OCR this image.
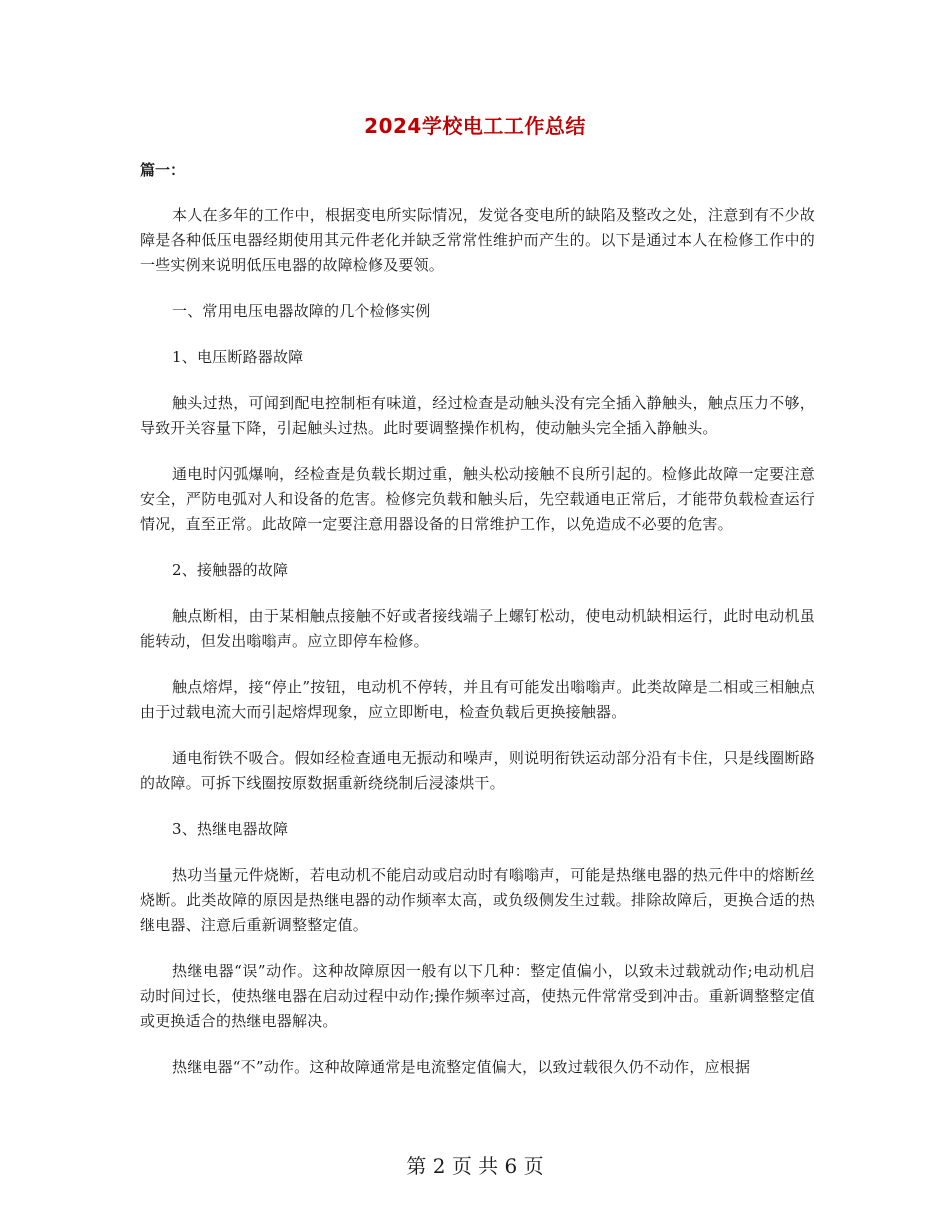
2024学校电工工作总结
篇一：

本人在多年的工作中，根据变电所实际情况，发觉各变电所的缺陷及整改之处，注意到有不少故障是各种低压电器经期使用其元件老化并缺乏常常性维护而产生的。以下是通过本人在检修工作中的一些实例来说明低压电器的故障检修及要领。

一、常用电压电器故障的几个检修实例

1、电压断路器故障

触头过热，可闻到配电控制柜有味道，经过检查是动触头没有完全插入静触头，触点压力不够，导致开关容量下降，引起触头过热。此时要调整操作机构，使动触头完全插入静触头。

通电时闪弧爆响，经检查是负载长期过重，触头松动接触不良所引起的。检修此故障一定要注意安全，严防电弧对人和设备的危害。检修完负载和触头后，先空载通电正常后，才能带负载检查运行情况，直至正常。此故障一定要注意用器设备的日常维护工作，以免造成不必要的危害。

2、接触器的故障

触点断相，由于某相触点接触不好或者接线端子上螺钉松动，使电动机缺相运行，此时电动机虽能转动，但发出嗡嗡声。应立即停车检修。

触点熔焊，接“停止”按钮，电动机不停转，并且有可能发出嗡嗡声。此类故障是二相或三相触点由于过载电流大而引起熔焊现象，应立即断电，检查负载后更换接触器。

通电衔铁不吸合。假如经检查通电无振动和噪声，则说明衔铁运动部分沿有卡住，只是线圈断路的故障。可拆下线圈按原数据重新绕绕制后浸漆烘干。

3、热继电器故障

热功当量元件烧断，若电动机不能启动或启动时有嗡嗡声，可能是热继电器的热元件中的熔断丝烧断。此类故障的原因是热继电器的动作频率太高，或负级侧发生过载。排除故障后，更换合适的热继电器、注意后重新调整整定值。

热继电器“误”动作。这种故障原因一般有以下几种：整定值偏小，以致未过载就动作;电动机启动时间过长，使热继电器在启动过程中动作;操作频率过高，使热元件常常受到冲击。重新调整整定值或更换适合的热继电器解决。

热继电器“不”动作。这种故障通常是电流整定值偏大，以致过载很久仍不动作，应根据

第 2 页 共 6 页
